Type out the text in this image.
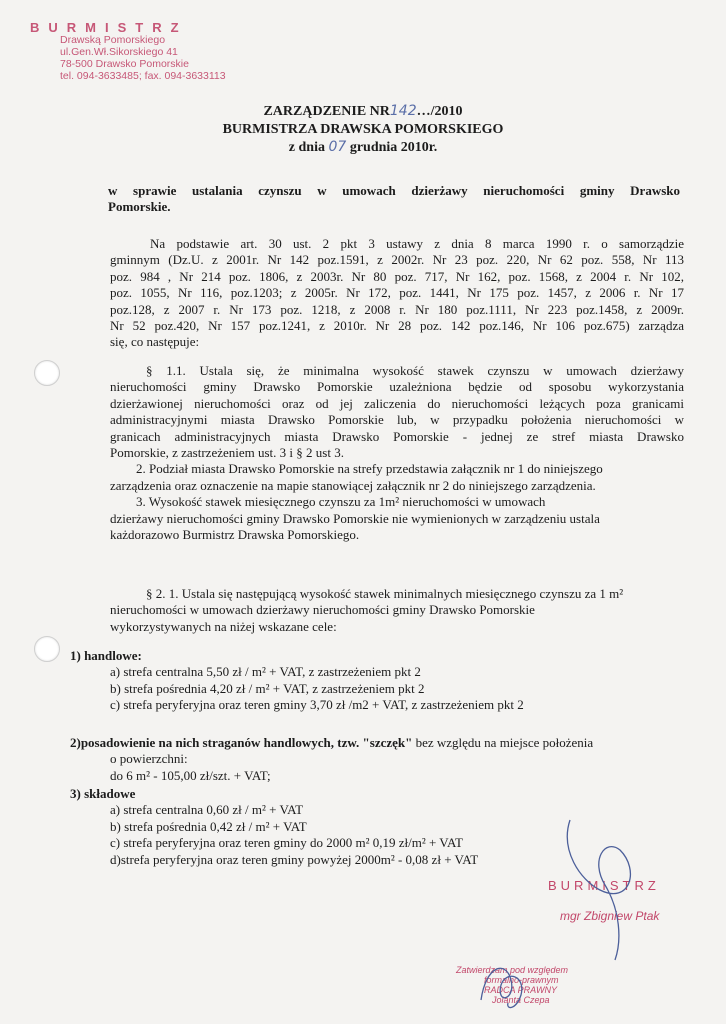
BURMISTRZ
Drawską Pomorskiego
ul.Gen.Wł.Sikorskiego 41
78-500 Drawsko Pomorskie
tel. 094-3633485; fax. 094-3633113
ZARZĄDZENIE NR142…/2010
BURMISTRZA DRAWSKA POMORSKIEGO
z dnia 07 grudnia 2010r.
w sprawie ustalania czynszu w umowach dzierżawy nieruchomości gminy Drawsko
Pomorskie.
Na podstawie art. 30 ust. 2 pkt 3 ustawy z dnia 8 marca 1990 r. o samorządzie
gminnym (Dz.U. z 2001r. Nr 142 poz.1591, z 2002r. Nr 23 poz. 220, Nr 62 poz. 558, Nr 113
poz. 984 , Nr 214 poz. 1806, z 2003r. Nr 80 poz. 717, Nr 162, poz. 1568, z 2004 r. Nr 102,
poz. 1055, Nr 116, poz.1203; z 2005r. Nr 172, poz. 1441, Nr 175 poz. 1457, z 2006 r. Nr 17
poz.128, z 2007 r. Nr 173 poz. 1218, z 2008 r. Nr 180 poz.1111, Nr 223 poz.1458, z 2009r.
Nr 52 poz.420, Nr 157 poz.1241, z 2010r. Nr 28 poz. 142 poz.146, Nr 106 poz.675) zarządza
się, co następuje:
§ 1.1. Ustala się, że minimalna wysokość stawek czynszu w umowach dzierżawy
nieruchomości gminy Drawsko Pomorskie uzależniona będzie od sposobu wykorzystania
dzierżawionej nieruchomości oraz od jej zaliczenia do nieruchomości leżących poza granicami
administracyjnymi miasta Drawsko Pomorskie lub, w przypadku położenia nieruchomości w
granicach administracyjnych miasta Drawsko Pomorskie - jednej ze stref miasta Drawsko
Pomorskie, z zastrzeżeniem ust. 3 i § 2 ust 3.
2. Podział miasta Drawsko Pomorskie na strefy przedstawia załącznik nr 1 do niniejszego
zarządzenia oraz oznaczenie na mapie stanowiącej załącznik nr 2 do niniejszego zarządzenia.
3. Wysokość stawek miesięcznego czynszu za 1m² nieruchomości w umowach
dzierżawy nieruchomości gminy Drawsko Pomorskie nie wymienionych w zarządzeniu ustala
każdorazowo Burmistrz Drawska Pomorskiego.
§ 2. 1. Ustala się następującą wysokość stawek minimalnych miesięcznego czynszu za 1 m²
nieruchomości w umowach dzierżawy nieruchomości gminy Drawsko Pomorskie
wykorzystywanych na niżej wskazane cele:
1) handlowe:
a) strefa centralna 5,50 zł / m² + VAT, z zastrzeżeniem pkt 2
b) strefa pośrednia 4,20 zł / m² + VAT, z zastrzeżeniem pkt 2
c) strefa peryferyjna oraz teren gminy 3,70 zł /m2 + VAT, z zastrzeżeniem pkt 2
2)posadowienie na nich straganów handlowych, tzw. "szczęk" bez względu na miejsce położenia
o powierzchni:
do 6 m² - 105,00 zł/szt. + VAT;
3) składowe
a) strefa centralna 0,60 zł / m² + VAT
b) strefa pośrednia 0,42 zł / m² + VAT
c) strefa peryferyjna oraz teren gminy do 2000 m² 0,19 zł/m² + VAT
d)strefa peryferyjna oraz teren gminy powyżej 2000m² - 0,08 zł + VAT
BURMISTRZ
mgr Zbigniew Ptak
Zatwierdzam pod względem
formalno-prawnym
RADCA PRAWNY
Jolanta Czepa
